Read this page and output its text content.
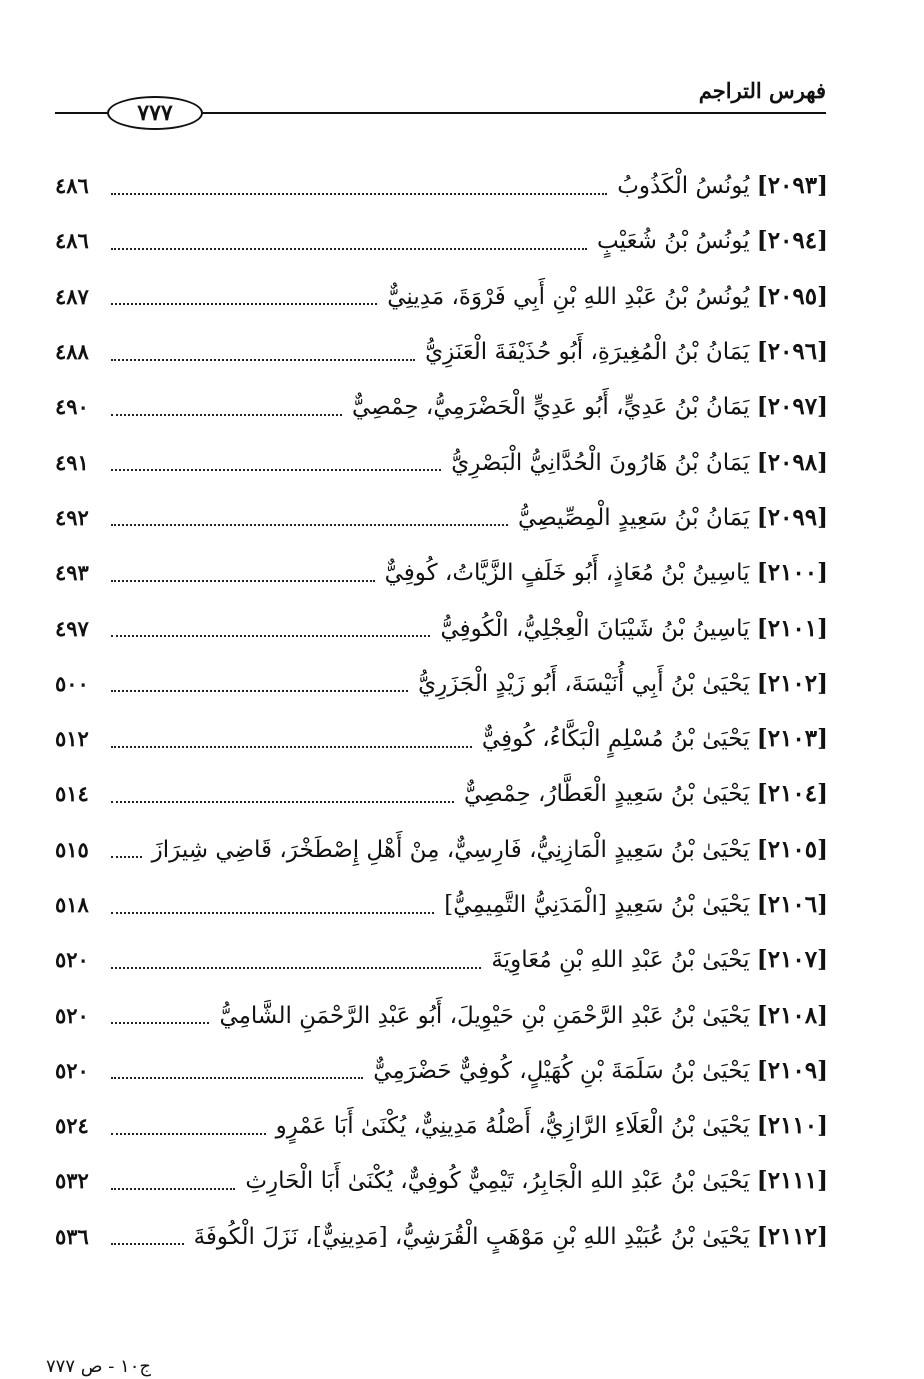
فهرس التراجم
٧٧٧
٤٨٦	[٢٠٩٣] يُونُسُ الْكَذُوبُ
٤٨٦	[٢٠٩٤] يُونُسُ بْنُ شُعَيْبٍ
٤٨٧	[٢٠٩٥] يُونُسُ بْنُ عَبْدِ اللهِ بْنِ أَبِي فَرْوَةَ، مَدِينِيٌّ
٤٨٨	[٢٠٩٦] يَمَانُ بْنُ الْمُغِيرَةِ، أَبُو حُذَيْفَةَ الْعَنَزِيُّ
٤٩٠	[٢٠٩٧] يَمَانُ بْنُ عَدِيٍّ، أَبُو عَدِيٍّ الْحَضْرَمِيُّ، حِمْصِيٌّ
٤٩١	[٢٠٩٨] يَمَانُ بْنُ هَارُونَ الْحُدَّانِيُّ الْبَصْرِيُّ
٤٩٢	[٢٠٩٩] يَمَانُ بْنُ سَعِيدٍ الْمِصِّيصِيُّ
٤٩٣	[٢١٠٠] يَاسِينُ بْنُ مُعَاذٍ، أَبُو خَلَفٍ الزَّيَّاتُ، كُوفِيٌّ
٤٩٧	[٢١٠١] يَاسِينُ بْنُ شَيْبَانَ الْعِجْلِيُّ، الْكُوفِيُّ
٥٠٠	[٢١٠٢] يَحْيَىٰ بْنُ أَبِي أُنَيْسَةَ، أَبُو زَيْدٍ الْجَزَرِيُّ
٥١٢	[٢١٠٣] يَحْيَىٰ بْنُ مُسْلِمٍ الْبَكَّاءُ، كُوفِيٌّ
٥١٤	[٢١٠٤] يَحْيَىٰ بْنُ سَعِيدٍ الْعَطَّارُ، حِمْصِيٌّ
٥١٥	[٢١٠٥] يَحْيَىٰ بْنُ سَعِيدٍ الْمَازِنِيُّ، فَارِسِيٌّ، مِنْ أَهْلِ إِصْطَخْرَ، قَاضِي شِيرَازَ
٥١٨	[٢١٠٦] يَحْيَىٰ بْنُ سَعِيدٍ [الْمَدَنِيُّ التَّمِيمِيُّ]
٥٢٠	[٢١٠٧] يَحْيَىٰ بْنُ عَبْدِ اللهِ بْنِ مُعَاوِيَةَ
٥٢٠	[٢١٠٨] يَحْيَىٰ بْنُ عَبْدِ الرَّحْمَنِ بْنِ حَيْوِيلَ، أَبُو عَبْدِ الرَّحْمَنِ الشَّامِيُّ
٥٢٠	[٢١٠٩] يَحْيَىٰ بْنُ سَلَمَةَ بْنِ كُهَيْلٍ، كُوفِيٌّ حَضْرَمِيٌّ
٥٢٤	[٢١١٠] يَحْيَىٰ بْنُ الْعَلَاءِ الرَّازِيُّ، أَصْلُهُ مَدِينِيٌّ، يُكْنَىٰ أَبَا عَمْرٍو
٥٣٢	[٢١١١] يَحْيَىٰ بْنُ عَبْدِ اللهِ الْجَابِرُ، تَيْمِيٌّ كُوفِيٌّ، يُكْنَىٰ أَبَا الْحَارِثِ
٥٣٦	[٢١١٢] يَحْيَىٰ بْنُ عُبَيْدِ اللهِ بْنِ مَوْهَبٍ الْقُرَشِيُّ، [مَدِينِيٌّ]، نَزَلَ الْكُوفَةَ
ج١٠ - ص ٧٧٧
